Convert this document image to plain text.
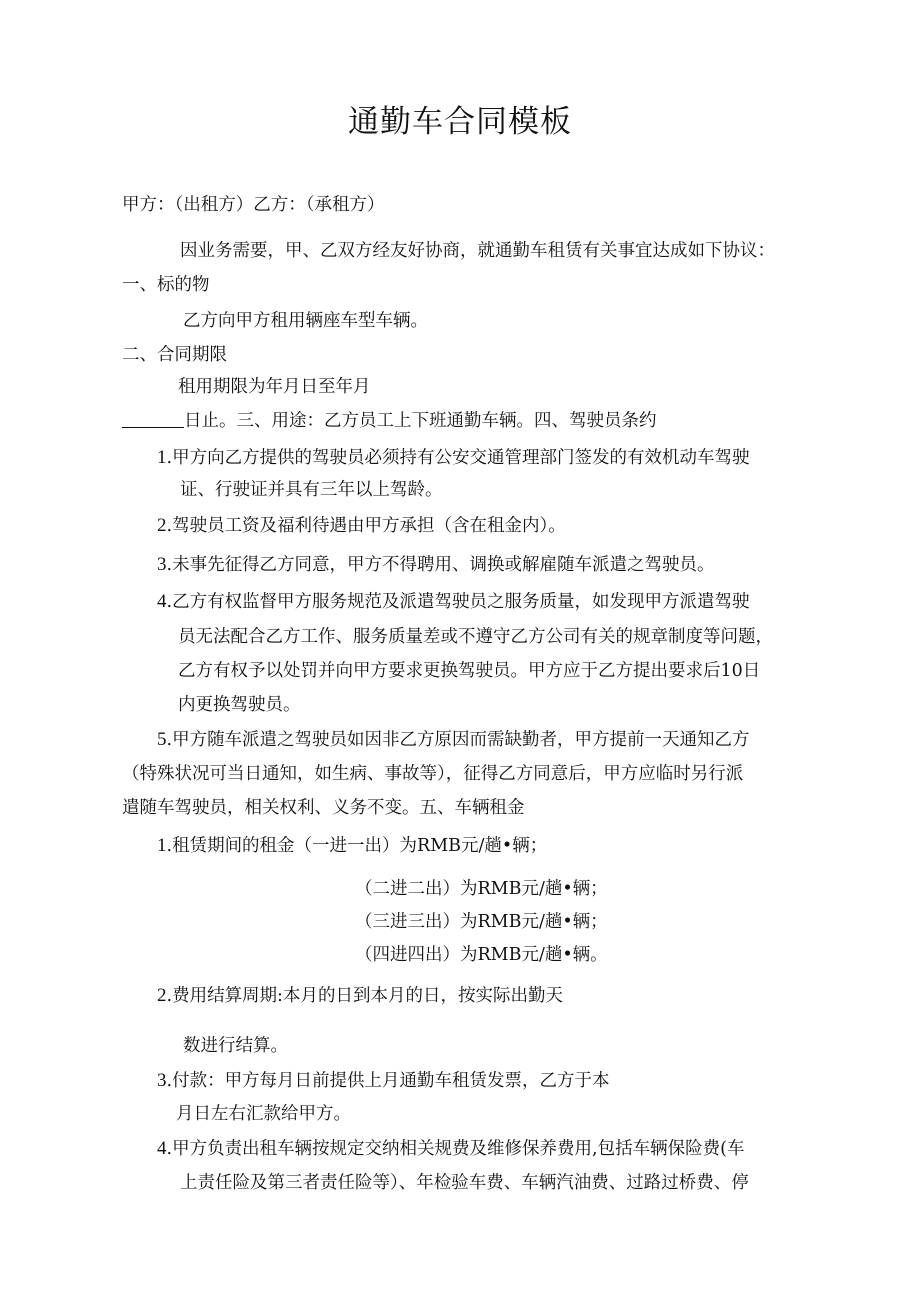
通勤车合同模板
甲方：（出租方）乙方：（承租方）
因业务需要，甲、乙双方经友好协商，就通勤车租赁有关事宜达成如下协议：
一、标的物
乙方向甲方租用辆座车型车辆。
二、合同期限
租用期限为年月日至年月
日止。三、用途：乙方员工上下班通勤车辆。四、驾驶员条约
1.甲方向乙方提供的驾驶员必须持有公安交通管理部门签发的有效机动车驾驶
证、行驶证并具有三年以上驾龄。
2.驾驶员工资及福利待遇由甲方承担（含在租金内）。
3.未事先征得乙方同意，甲方不得聘用、调换或解雇随车派遣之驾驶员。
4.乙方有权监督甲方服务规范及派遣驾驶员之服务质量，如发现甲方派遣驾驶
员无法配合乙方工作、服务质量差或不遵守乙方公司有关的规章制度等问题，
乙方有权予以处罚并向甲方要求更换驾驶员。甲方应于乙方提出要求后10日
内更换驾驶员。
5.甲方随车派遣之驾驶员如因非乙方原因而需缺勤者，甲方提前一天通知乙方
（特殊状况可当日通知，如生病、事故等），征得乙方同意后，甲方应临时另行派
遣随车驾驶员，相关权利、义务不变。五、车辆租金
1.租赁期间的租金（一进一出）为RMB元/趟•辆；
（二进二出）为RMB元/趟•辆；
（三进三出）为RMB元/趟•辆；
（四进四出）为RMB元/趟•辆。
2.费用结算周期:本月的日到本月的日，按实际出勤天
数进行结算。
3.付款：甲方每月日前提供上月通勤车租赁发票，乙方于本
月日左右汇款给甲方。
4.甲方负责出租车辆按规定交纳相关规费及维修保养费用,包括车辆保险费(车
上责任险及第三者责任险等）、年检验车费、车辆汽油费、过路过桥费、停
